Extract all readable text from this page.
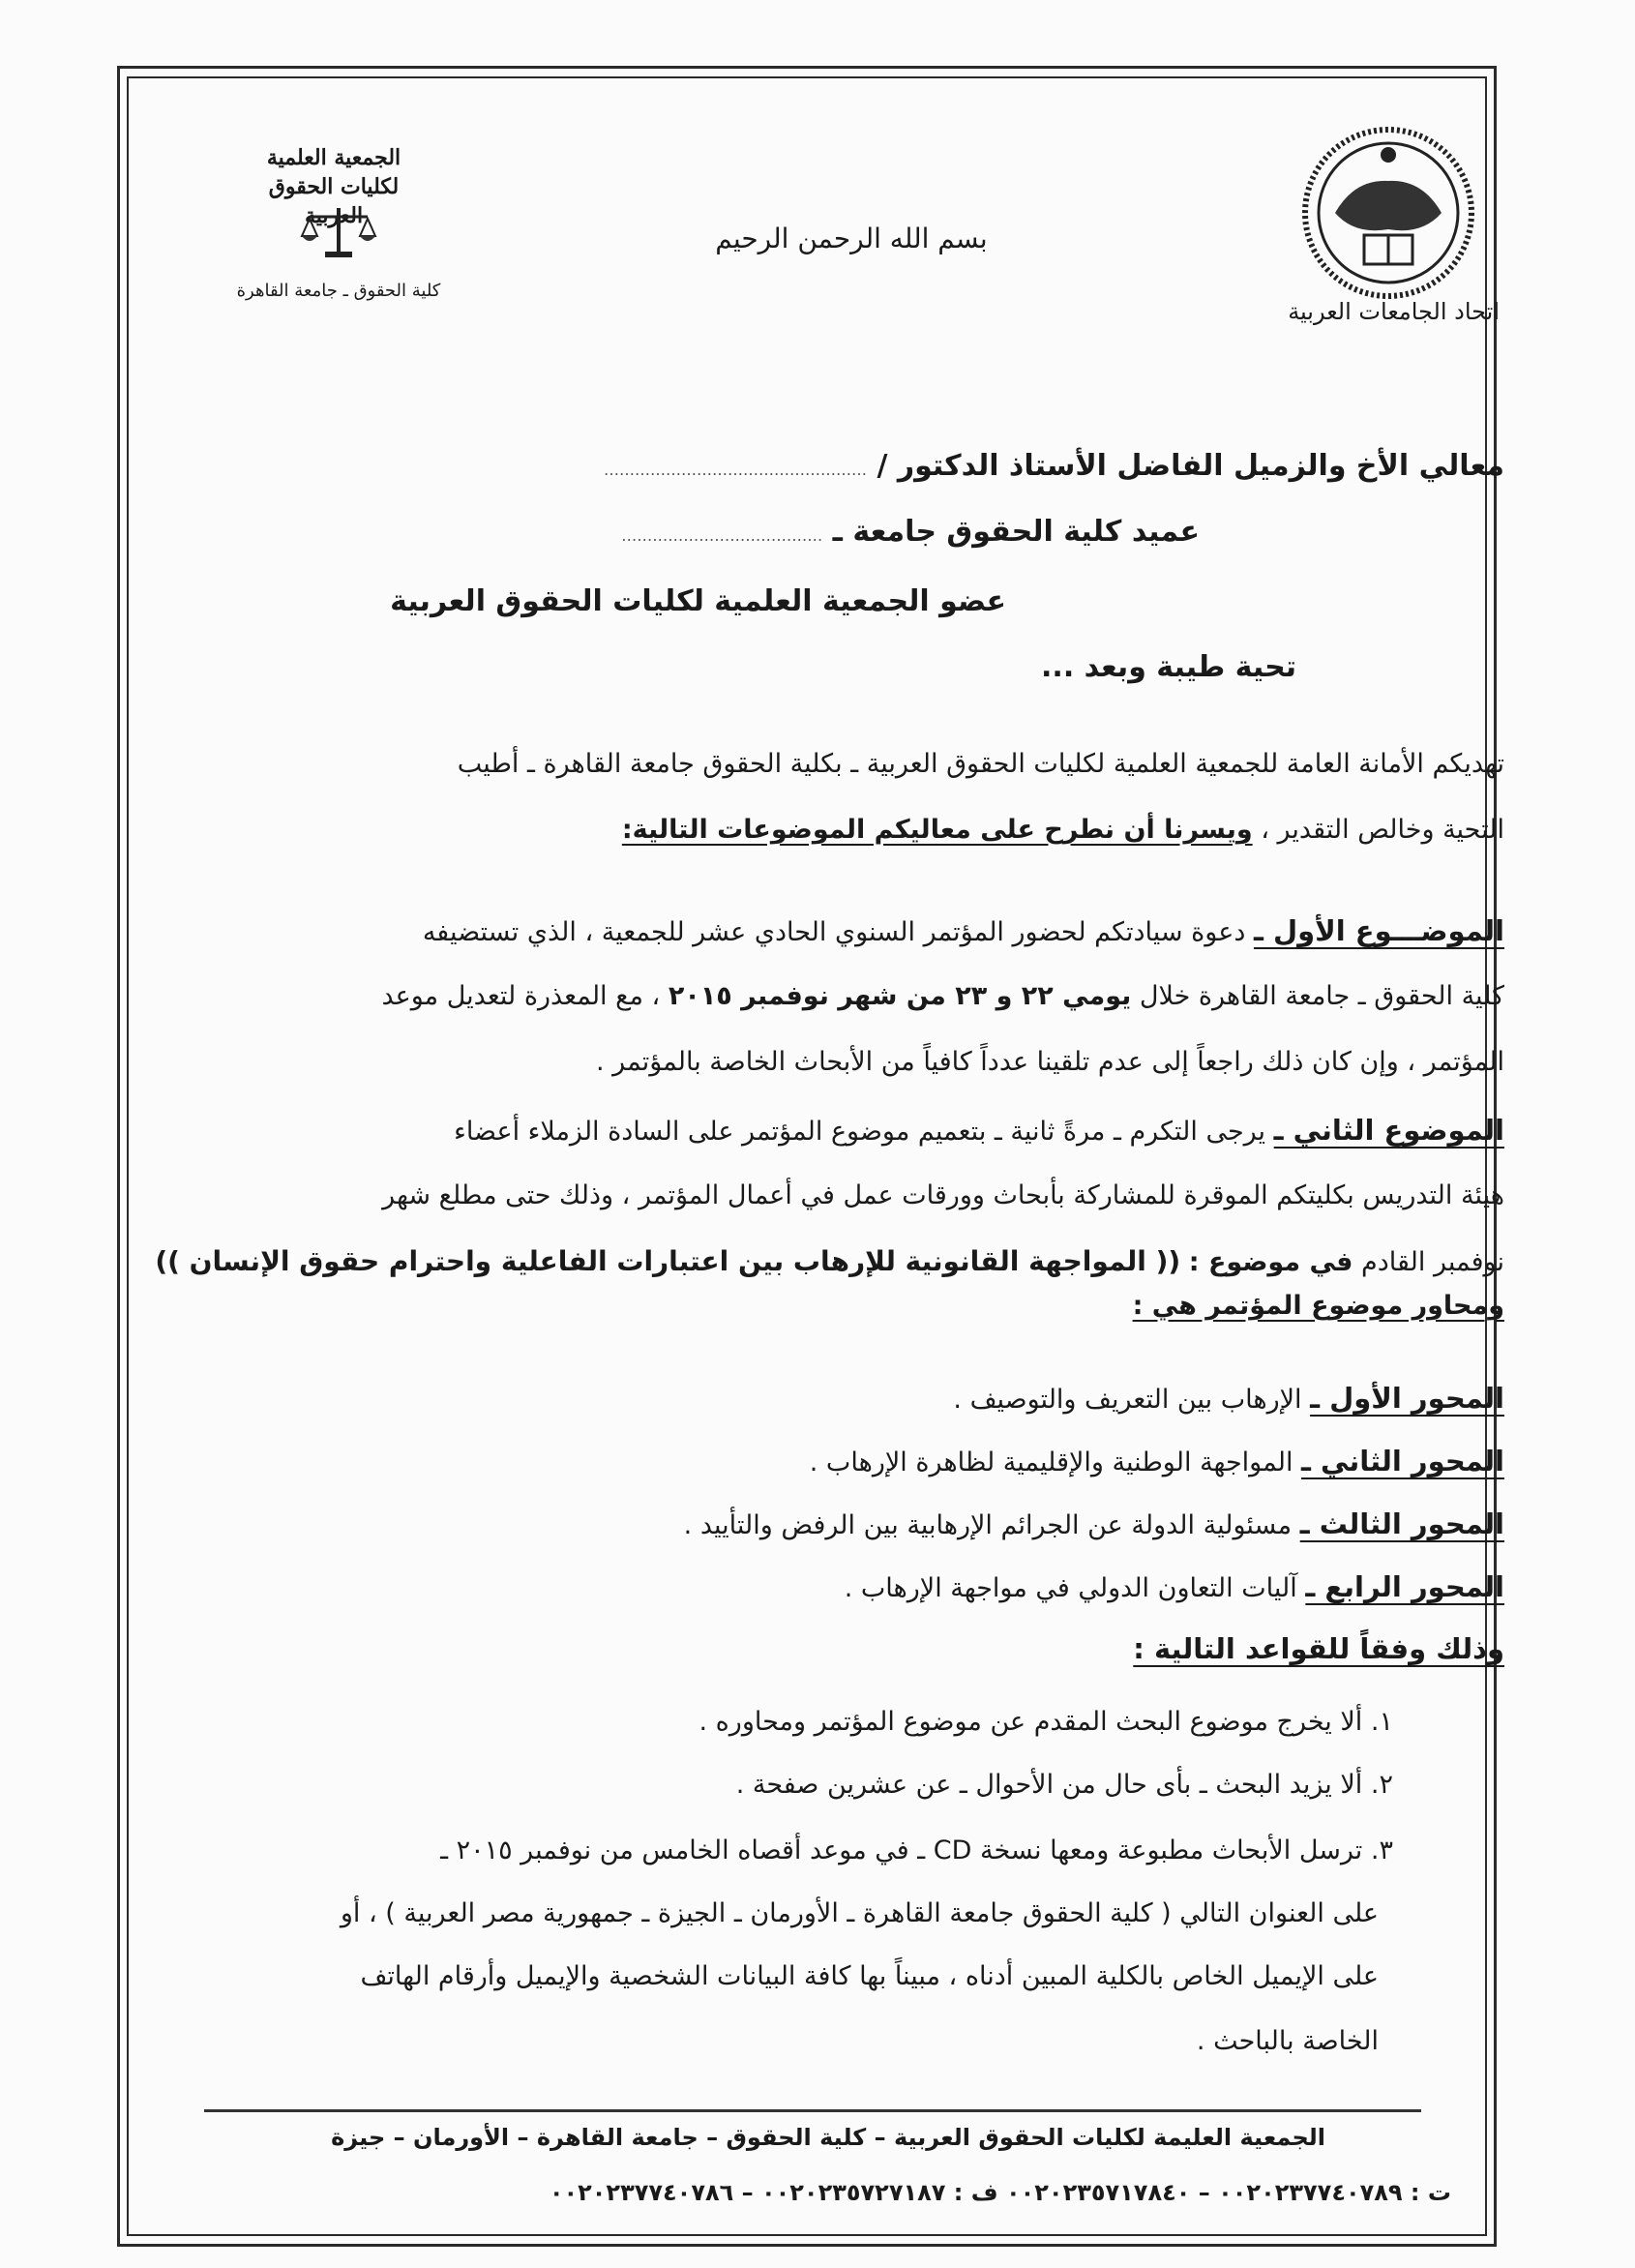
اتحاد الجامعات العربية
الجمعية العلمية
لكليات الحقوق العربية
كلية الحقوق ـ جامعة القاهرة
بسم الله الرحمن الرحيم
معالي الأخ والزميل الفاضل الأستاذ الدكتور / ……………………………………………
عميد كلية الحقوق جامعة ـ …………………………………
عضو الجمعية العلمية لكليات الحقوق العربية
تحية طيبة وبعد ...
تهديكم الأمانة العامة للجمعية العلمية لكليات الحقوق العربية ـ بكلية الحقوق جامعة القاهرة ـ أطيب
التحية وخالص التقدير ، ويسرنا أن نطرح على معاليكم الموضوعات التالية:
الموضـــوع الأول ـ دعوة سيادتكم لحضور المؤتمر السنوي الحادي عشر للجمعية ، الذي تستضيفه
كلية الحقوق ـ جامعة القاهرة خلال يومي ٢٢ و ٢٣ من شهر نوفمبر ٢٠١٥ ، مع المعذرة لتعديل موعد
المؤتمر ، وإن كان ذلك راجعاً إلى عدم تلقينا عدداً كافياً من الأبحاث الخاصة بالمؤتمر .
الموضوع الثاني ـ يرجى التكرم ـ مرةً ثانية ـ بتعميم موضوع المؤتمر على السادة الزملاء أعضاء
هيئة التدريس بكليتكم الموقرة للمشاركة بأبحاث وورقات عمل في أعمال المؤتمر ، وذلك حتى مطلع شهر
نوفمبر القادم في موضوع : (( المواجهة القانونية للإرهاب بين اعتبارات الفاعلية واحترام حقوق الإنسان ))
ومحاور موضوع المؤتمر هي :
المحور الأول ـ الإرهاب بين التعريف والتوصيف .
المحور الثاني ـ المواجهة الوطنية والإقليمية لظاهرة الإرهاب .
المحور الثالث ـ مسئولية الدولة عن الجرائم الإرهابية بين الرفض والتأييد .
المحور الرابع ـ آليات التعاون الدولي في مواجهة الإرهاب .
وذلك وفقاً للقواعد التالية :
١. ألا يخرج موضوع البحث المقدم عن موضوع المؤتمر ومحاوره .
٢. ألا يزيد البحث ـ بأى حال من الأحوال ـ عن عشرين صفحة .
٣. ترسل الأبحاث مطبوعة ومعها نسخة CD ـ في موعد أقصاه الخامس من نوفمبر ٢٠١٥ ـ
على العنوان التالي ( كلية الحقوق جامعة القاهرة ـ الأورمان ـ الجيزة ـ جمهورية مصر العربية ) ، أو
على الإيميل الخاص بالكلية المبين أدناه ، مبيناً بها كافة البيانات الشخصية والإيميل وأرقام الهاتف
الخاصة بالباحث .
الجمعية العليمة لكليات الحقوق العربية – كلية الحقوق – جامعة القاهرة – الأورمان – جيزة
ت : ٠٠٢٠٢٣٧٧٤٠٧٨٩ – ٠٠٢٠٢٣٥٧١٧٨٤٠ ف : ٠٠٢٠٢٣٥٧٢٧١٨٧ – ٠٠٢٠٢٣٧٧٤٠٧٨٦
